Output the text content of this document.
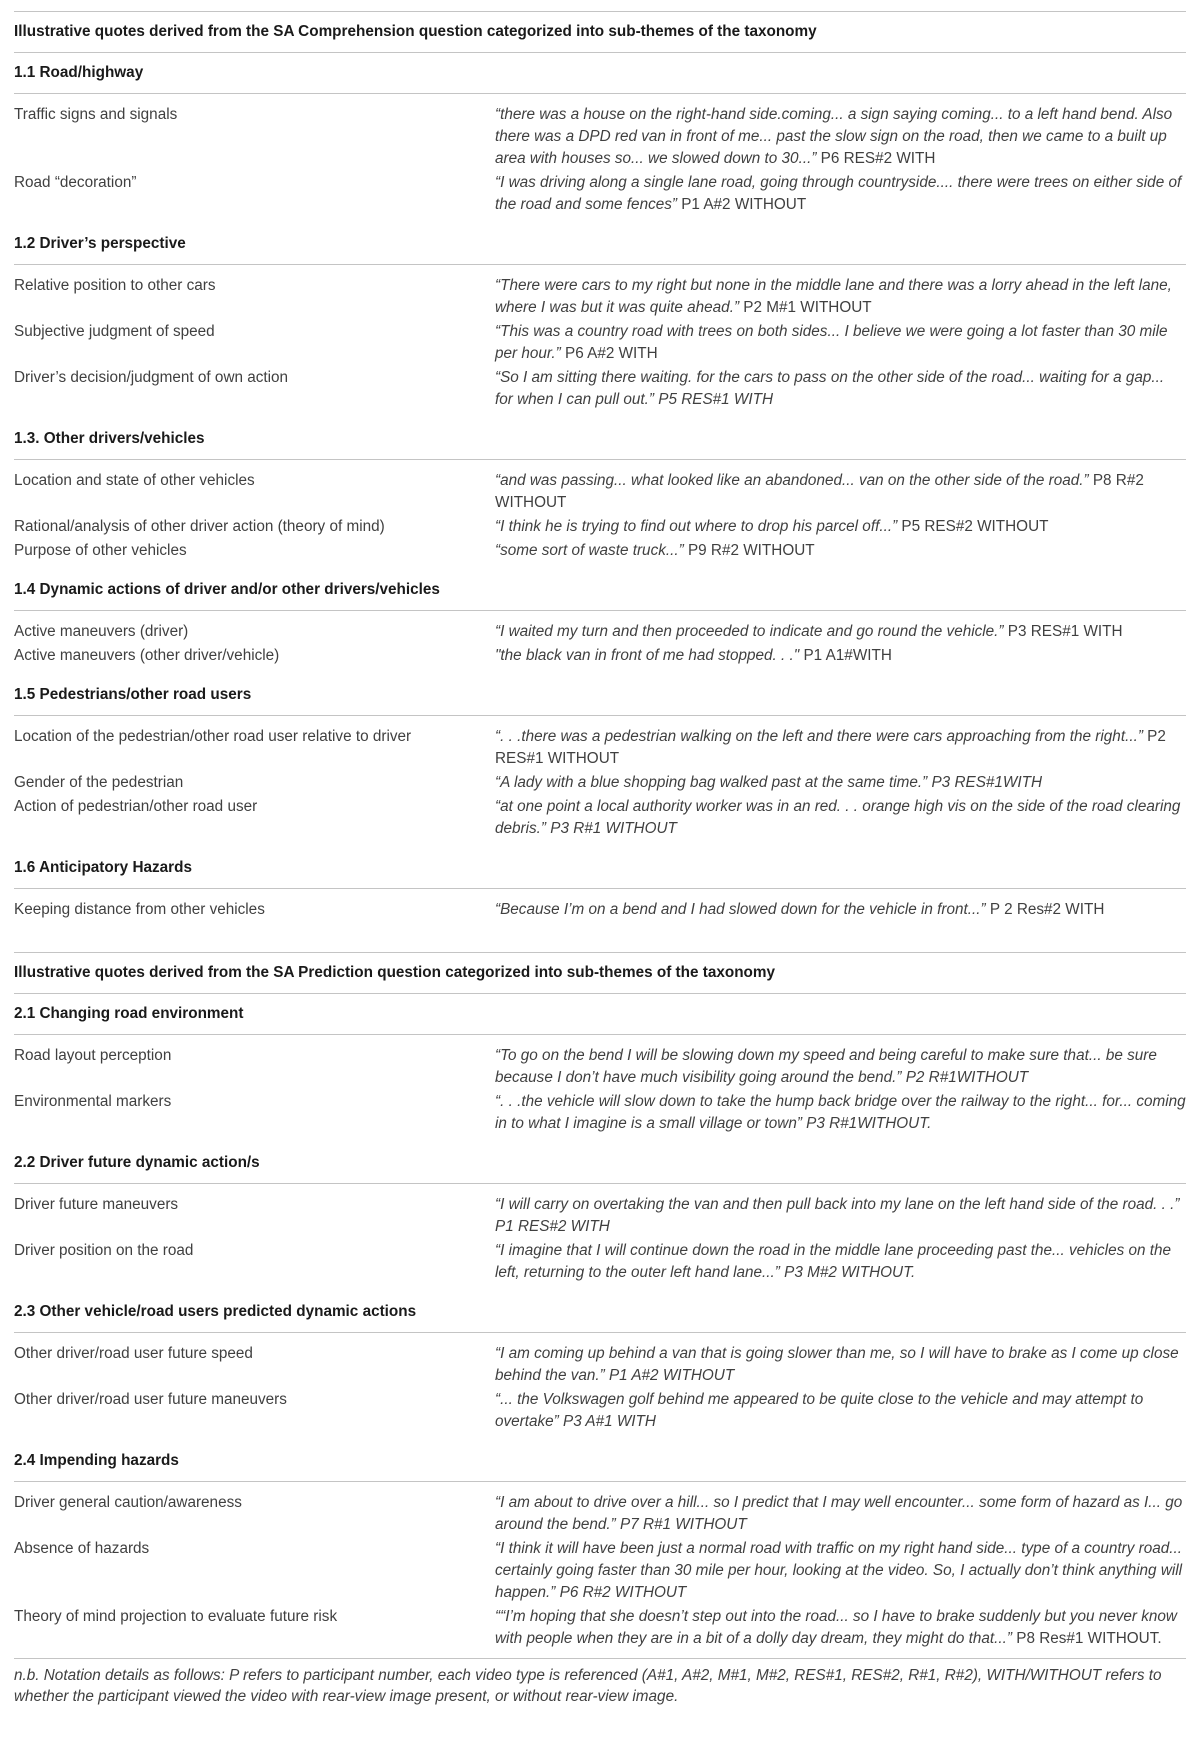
Illustrative quotes derived from the SA Comprehension question categorized into sub-themes of the taxonomy	
1.1 Road/highway	
Traffic signs and signals	“there was a house on the right-hand side.coming... a sign saying coming... to a left hand bend. Also there was a DPD red van in front of me... past the slow sign on the road, then we came to a built up area with houses so... we slowed down to 30...” P6 RES#2 WITH
Road “decoration”	“I was driving along a single lane road, going through countryside.... there were trees on either side of the road and some fences” P1 A#2 WITHOUT
1.2 Driver’s perspective	
Relative position to other cars	“There were cars to my right but none in the middle lane and there was a lorry ahead in the left lane, where I was but it was quite ahead.” P2 M#1 WITHOUT
Subjective judgment of speed	“This was a country road with trees on both sides... I believe we were going a lot faster than 30 mile per hour.” P6 A#2 WITH
Driver’s decision/judgment of own action	“So I am sitting there waiting. for the cars to pass on the other side of the road... waiting for a gap... for when I can pull out.” P5 RES#1 WITH
1.3. Other drivers/vehicles	
Location and state of other vehicles	“and was passing... what looked like an abandoned... van on the other side of the road.” P8 R#2 WITHOUT
Rational/analysis of other driver action (theory of mind)	“I think he is trying to find out where to drop his parcel off...” P5 RES#2 WITHOUT
Purpose of other vehicles	“some sort of waste truck...” P9 R#2 WITHOUT
1.4 Dynamic actions of driver and/or other drivers/vehicles	
Active maneuvers (driver)	“I waited my turn and then proceeded to indicate and go round the vehicle.” P3 RES#1 WITH
Active maneuvers (other driver/vehicle)	"the black van in front of me had stopped. . ." P1 A1#WITH
1.5 Pedestrians/other road users	
Location of the pedestrian/other road user relative to driver	“. . .there was a pedestrian walking on the left and there were cars approaching from the right...” P2 RES#1 WITHOUT
Gender of the pedestrian	“A lady with a blue shopping bag walked past at the same time.” P3 RES#1WITH
Action of pedestrian/other road user	“at one point a local authority worker was in an red. . . orange high vis on the side of the road clearing debris.” P3 R#1 WITHOUT
1.6 Anticipatory Hazards	
Keeping distance from other vehicles	“Because I’m on a bend and I had slowed down for the vehicle in front...” P 2 Res#2 WITH

Illustrative quotes derived from the SA Prediction question categorized into sub-themes of the taxonomy	
2.1 Changing road environment	
Road layout perception	“To go on the bend I will be slowing down my speed and being careful to make sure that... be sure because I don’t have much visibility going around the bend.” P2 R#1WITHOUT
Environmental markers	“. . .the vehicle will slow down to take the hump back bridge over the railway to the right... for... coming in to what I imagine is a small village or town” P3 R#1WITHOUT.
2.2 Driver future dynamic action/s	
Driver future maneuvers	“I will carry on overtaking the van and then pull back into my lane on the left hand side of the road. . .” P1 RES#2 WITH
Driver position on the road	“I imagine that I will continue down the road in the middle lane proceeding past the... vehicles on the left, returning to the outer left hand lane...” P3 M#2 WITHOUT.
2.3 Other vehicle/road users predicted dynamic actions	
Other driver/road user future speed	“I am coming up behind a van that is going slower than me, so I will have to brake as I come up close behind the van.” P1 A#2 WITHOUT
Other driver/road user future maneuvers	“... the Volkswagen golf behind me appeared to be quite close to the vehicle and may attempt to overtake” P3 A#1 WITH
2.4 Impending hazards	
Driver general caution/awareness	“I am about to drive over a hill... so I predict that I may well encounter... some form of hazard as I... go around the bend.” P7 R#1 WITHOUT
Absence of hazards	“I think it will have been just a normal road with traffic on my right hand side... type of a country road... certainly going faster than 30 mile per hour, looking at the video. So, I actually don’t think anything will happen.” P6 R#2 WITHOUT
Theory of mind projection to evaluate future risk	““I’m hoping that she doesn’t step out into the road... so I have to brake suddenly but you never know with people when they are in a bit of a dolly day dream, they might do that...” P8 Res#1 WITHOUT.
n.b. Notation details as follows: P refers to participant number, each video type is referenced (A#1, A#2, M#1, M#2, RES#1, RES#2, R#1, R#2), WITH/WITHOUT refers to whether the participant viewed the video with rear-view image present, or without rear-view image.
